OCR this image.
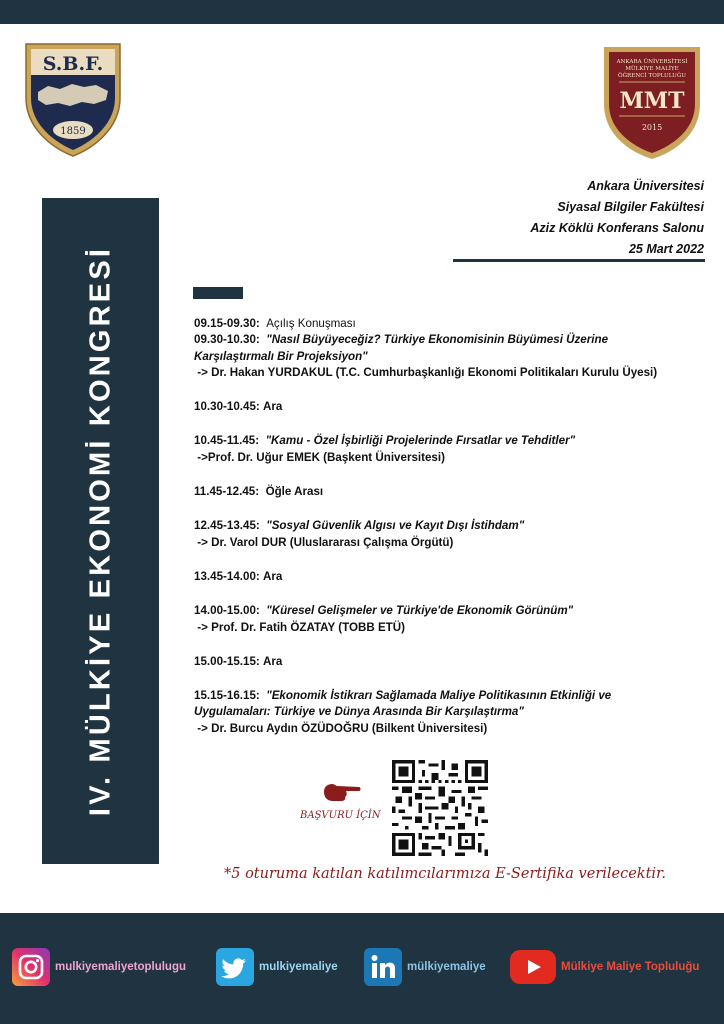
S.B.F.
1859
ANKARA ÜNİVERSİTESİ
MÜLKİYE MALİYE
ÖĞRENCİ TOPLULUĞU
MMT
2015
Ankara Üniversitesi
Siyasal Bilgiler Fakültesi
Aziz Köklü Konferans Salonu
25 Mart 2022
IV. MÜLKİYE EKONOMİ KONGRESİ	09.15-09.30: Açılış Konuşması
09.30-10.30: "Nasıl Büyüyeceğiz? Türkiye Ekonomisinin Büyümesi Üzerine
Karşılaştırmalı Bir Projeksiyon"
-> Dr. Hakan YURDAKUL (T.C. Cumhurbaşkanlığı Ekonomi Politikaları Kurulu Üyesi)
10.30-10.45: Ara
10.45-11.45: "Kamu - Özel İşbirliği Projelerinde Fırsatlar ve Tehditler"
->Prof. Dr. Uğur EMEK (Başkent Üniversitesi)
11.45-12.45: Öğle Arası
12.45-13.45: "Sosyal Güvenlik Algısı ve Kayıt Dışı İstihdam"
-> Dr. Varol DUR (Uluslararası Çalışma Örgütü)
13.45-14.00: Ara
14.00-15.00: "Küresel Gelişmeler ve Türkiye'de Ekonomik Görünüm"
-> Prof. Dr. Fatih ÖZATAY (TOBB ETÜ)
15.00-15.15: Ara
15.15-16.15: "Ekonomik İstikrarı Sağlamada Maliye Politikasının Etkinliği ve
Uygulamaları: Türkiye ve Dünya Arasında Bir Karşılaştırma"
-> Dr. Burcu Aydın ÖZÜDOĞRU (Bilkent Üniversitesi)
BAŞVURU İÇİN
*5 oturuma katılan katılımcılarımıza E-Sertifika verilecektir.
mulkiyemaliyetoplulugu	mulkiyemaliye	mülkiyemaliye	Mülkiye Maliye Topluluğu
